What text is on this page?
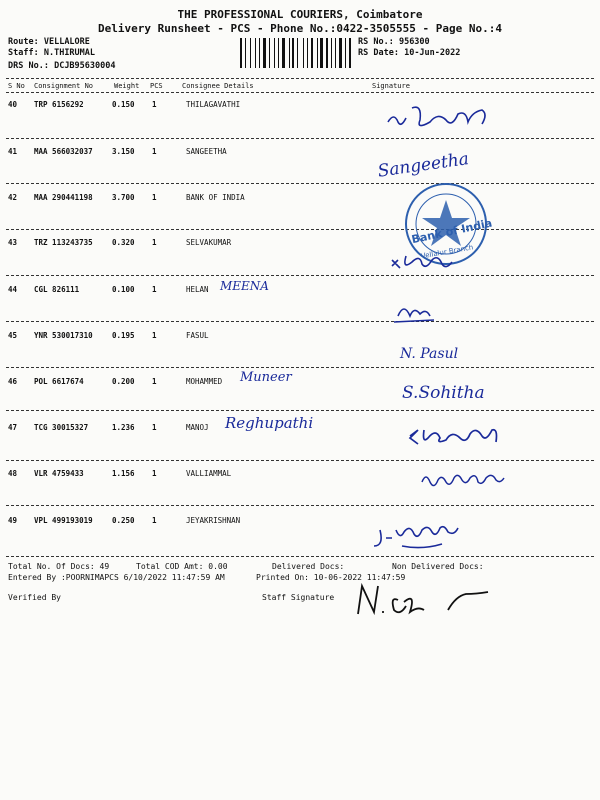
THE PROFESSIONAL COURIERS, Coimbatore
Delivery Runsheet - PCS - Phone No.:0422-3505555 - Page No.:4
Route: VELLALORE
Staff: N.THIRUMAL
DRS No.: DCJB95630004
RS No.: 956300
RS Date: 10-Jun-2022
S No Consignment No	Weight PCS	Consignee Details	Signature
40 TRP 6156292	0.150 1	THILAGAVATHI
41 MAA 566032037	3.150 1	SANGEETHA
42 MAA 290441198	3.700 1	BANK OF INDIA
43 TRZ 113243735	0.320 1	SELVAKUMAR
44 CGL 826111	0.100 1	HELAN MEENA
45 YNR 530017310	0.195 1	FASUL
46 POL 6617674	0.200 1	MOHAMMED Muneer
47 TCG 30015327	1.236 1	MANOJ Reghupathi
48 VLR 4759433	1.156 1	VALLIAMMAL
49 VPL 499193019	0.250 1	JEYAKRISHNAN
Sangeetha
Bank of India
Vellalur Branch
N. Pasul
S.Sohitha
Total No. Of Docs: 49	Total COD Amt: 0.00	Delivered Docs:	Non Delivered Docs:
Entered By :POORNIMAPCS 6/10/2022 11:47:59 AM	Printed On: 10-06-2022 11:47:59
Verified By	Staff Signature
